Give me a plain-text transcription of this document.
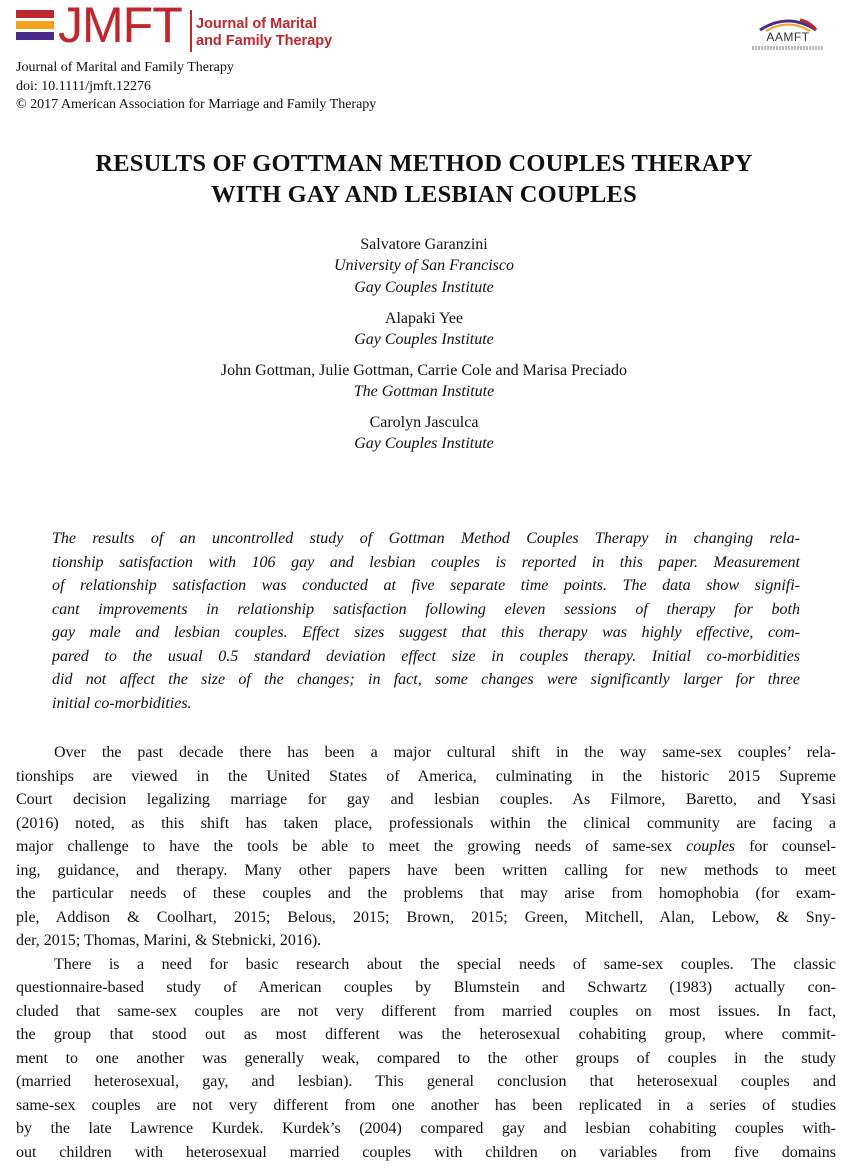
JMFT Journal of Marital
and Family Therapy	AAMFT
Journal of Marital and Family Therapy
doi: 10.1111/jmft.12276
© 2017 American Association for Marriage and Family Therapy
RESULTS OF GOTTMAN METHOD COUPLES THERAPY
WITH GAY AND LESBIAN COUPLES
Salvatore Garanzini
University of San Francisco
Gay Couples Institute
Alapaki Yee
Gay Couples Institute
John Gottman, Julie Gottman, Carrie Cole and Marisa Preciado
The Gottman Institute
Carolyn Jasculca
Gay Couples Institute
The results of an uncontrolled study of Gottman Method Couples Therapy in changing rela-
tionship satisfaction with 106 gay and lesbian couples is reported in this paper. Measurement
of relationship satisfaction was conducted at five separate time points. The data show signifi-
cant improvements in relationship satisfaction following eleven sessions of therapy for both
gay male and lesbian couples. Effect sizes suggest that this therapy was highly effective, com-
pared to the usual 0.5 standard deviation effect size in couples therapy. Initial co-morbidities
did not affect the size of the changes; in fact, some changes were significantly larger for three
initial co-morbidities.
Over the past decade there has been a major cultural shift in the way same-sex couples’ rela-
tionships are viewed in the United States of America, culminating in the historic 2015 Supreme
Court decision legalizing marriage for gay and lesbian couples. As Filmore, Baretto, and Ysasi
(2016) noted, as this shift has taken place, professionals within the clinical community are facing a
major challenge to have the tools be able to meet the growing needs of same-sex couples for counsel-
ing, guidance, and therapy. Many other papers have been written calling for new methods to meet
the particular needs of these couples and the problems that may arise from homophobia (for exam-
ple, Addison & Coolhart, 2015; Belous, 2015; Brown, 2015; Green, Mitchell, Alan, Lebow, & Sny-
der, 2015; Thomas, Marini, & Stebnicki, 2016).
There is a need for basic research about the special needs of same-sex couples. The classic
questionnaire-based study of American couples by Blumstein and Schwartz (1983) actually con-
cluded that same-sex couples are not very different from married couples on most issues. In fact,
the group that stood out as most different was the heterosexual cohabiting group, where commit-
ment to one another was generally weak, compared to the other groups of couples in the study
(married heterosexual, gay, and lesbian). This general conclusion that heterosexual couples and
same-sex couples are not very different from one another has been replicated in a series of studies
by the late Lawrence Kurdek. Kurdek’s (2004) compared gay and lesbian cohabiting couples with-
out children with heterosexual married couples with children on variables from five domains
